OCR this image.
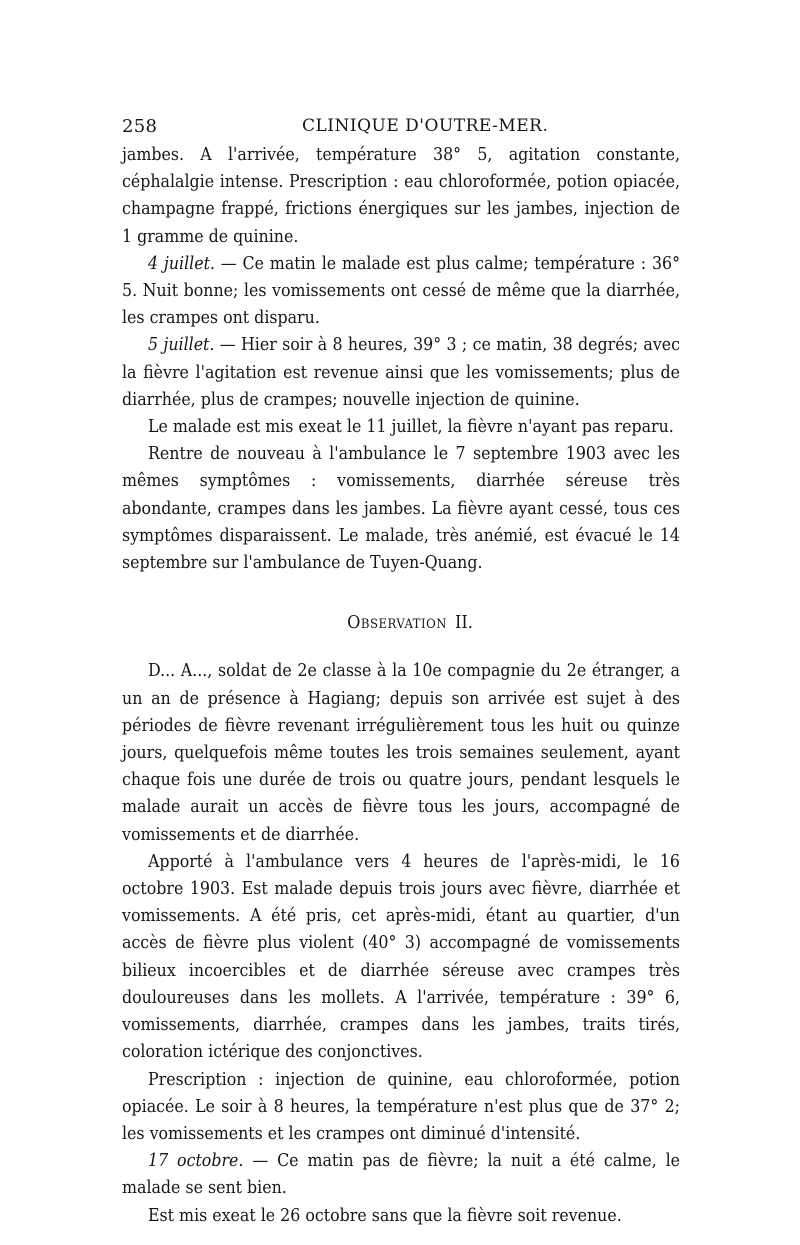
258	CLINIQUE D'OUTRE-MER.

jambes. A l'arrivée, température 38° 5, agitation constante, céphalalgie intense. Prescription : eau chloroformée, potion opiacée, champagne frappé, frictions énergiques sur les jambes, injection de 1 gramme de quinine.

4 juillet. — Ce matin le malade est plus calme; température : 36° 5. Nuit bonne; les vomissements ont cessé de même que la diarrhée, les crampes ont disparu.

5 juillet. — Hier soir à 8 heures, 39° 3 ; ce matin, 38 degrés; avec la fièvre l'agitation est revenue ainsi que les vomissements; plus de diarrhée, plus de crampes; nouvelle injection de quinine.

Le malade est mis exeat le 11 juillet, la fièvre n'ayant pas reparu.

Rentre de nouveau à l'ambulance le 7 septembre 1903 avec les mêmes symptômes : vomissements, diarrhée séreuse très abondante, crampes dans les jambes. La fièvre ayant cessé, tous ces symptômes disparaissent. Le malade, très anémié, est évacué le 14 septembre sur l'ambulance de Tuyen-Quang.

Observation II.

D... A..., soldat de 2e classe à la 10e compagnie du 2e étranger, a un an de présence à Hagiang; depuis son arrivée est sujet à des périodes de fièvre revenant irrégulièrement tous les huit ou quinze jours, quelquefois même toutes les trois semaines seulement, ayant chaque fois une durée de trois ou quatre jours, pendant lesquels le malade aurait un accès de fièvre tous les jours, accompagné de vomissements et de diarrhée.

Apporté à l'ambulance vers 4 heures de l'après-midi, le 16 octobre 1903. Est malade depuis trois jours avec fièvre, diarrhée et vomissements. A été pris, cet après-midi, étant au quartier, d'un accès de fièvre plus violent (40° 3) accompagné de vomissements bilieux incoercibles et de diarrhée séreuse avec crampes très douloureuses dans les mollets. A l'arrivée, température : 39° 6, vomissements, diarrhée, crampes dans les jambes, traits tirés, coloration ictérique des conjonctives.

Prescription : injection de quinine, eau chloroformée, potion opiacée. Le soir à 8 heures, la température n'est plus que de 37° 2; les vomissements et les crampes ont diminué d'intensité.

17 octobre. — Ce matin pas de fièvre; la nuit a été calme, le malade se sent bien.

Est mis exeat le 26 octobre sans que la fièvre soit revenue.
